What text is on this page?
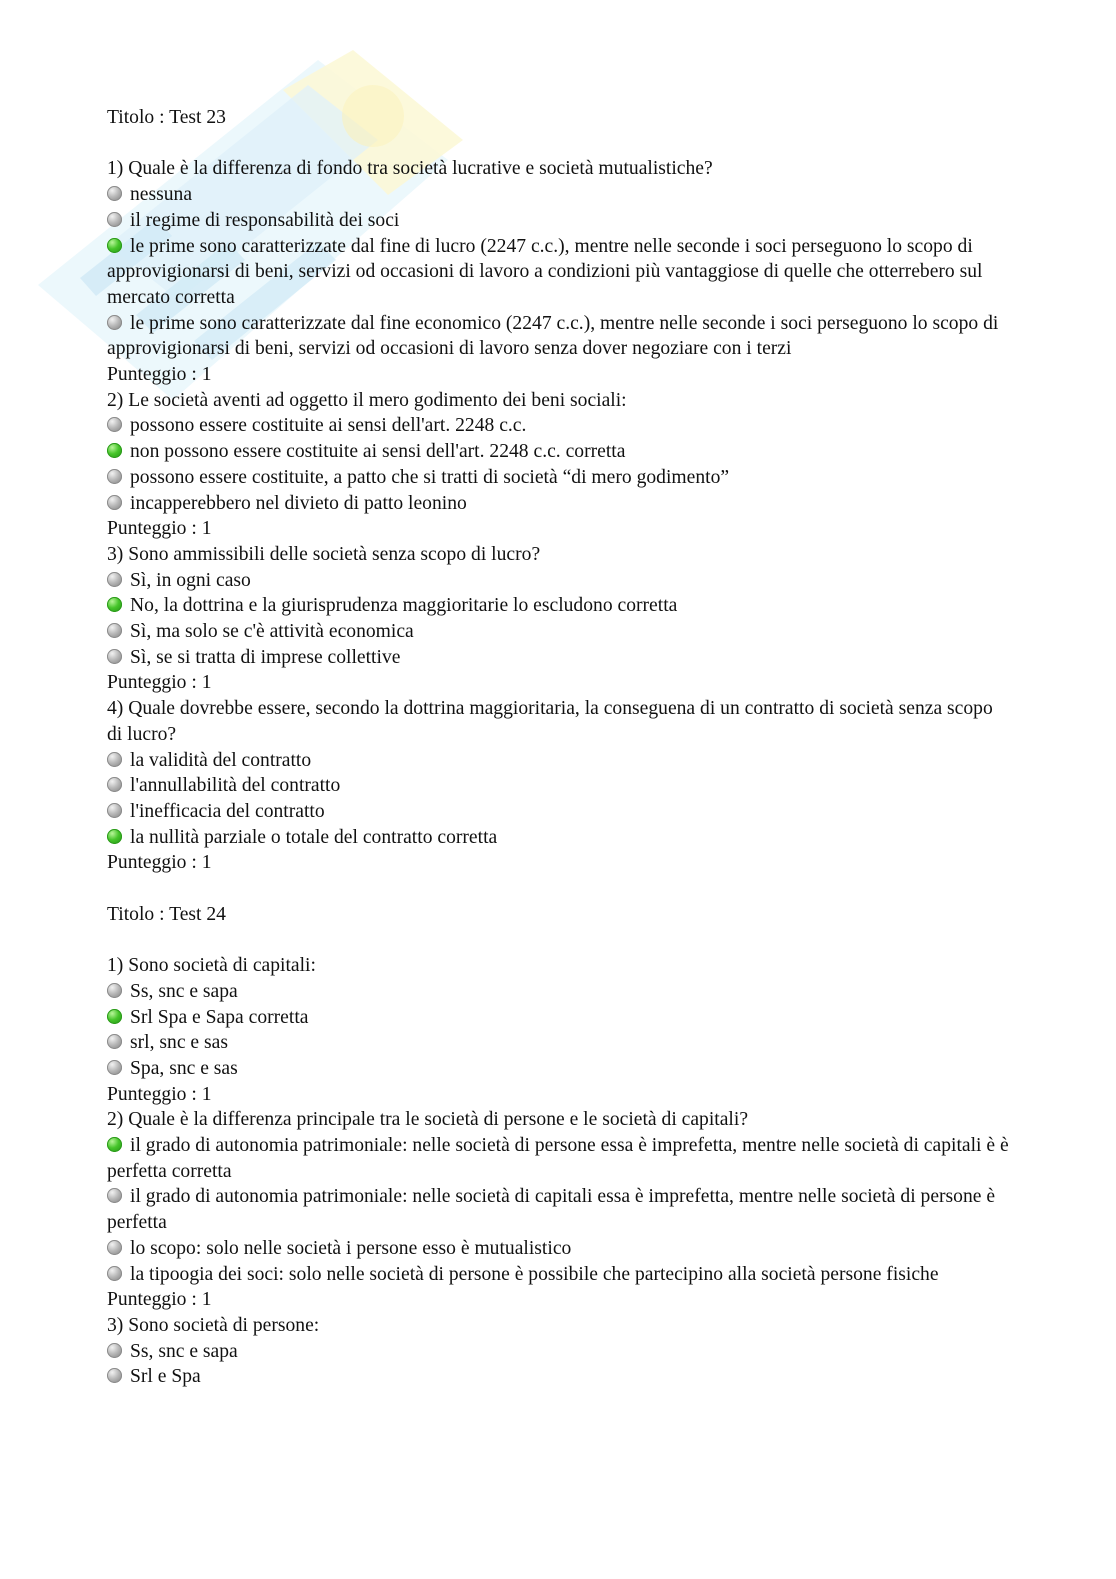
Titolo : Test 23
1) Quale è la differenza di fondo tra società lucrative e società mutualistiche?
nessuna
il regime di responsabilità dei soci
le prime sono caratterizzate dal fine di lucro (2247 c.c.), mentre nelle seconde i soci perseguono lo scopo di approvigionarsi di beni, servizi od occasioni di lavoro a condizioni più vantaggiose di quelle che otterrebero sul mercato corretta
le prime sono caratterizzate dal fine economico (2247 c.c.), mentre nelle seconde i soci perseguono lo scopo di approvigionarsi di beni, servizi od occasioni di lavoro senza dover negoziare con i terzi
Punteggio : 1
2) Le società aventi ad oggetto il mero godimento dei beni sociali:
possono essere costituite ai sensi dell'art. 2248 c.c.
non possono essere costituite ai sensi dell'art. 2248 c.c. corretta
possono essere costituite, a patto che si tratti di società “di mero godimento”
incapperebbero nel divieto di patto leonino
Punteggio : 1
3) Sono ammissibili delle società senza scopo di lucro?
Sì, in ogni caso
No, la dottrina e la giurisprudenza maggioritarie lo escludono corretta
Sì, ma solo se c'è attività economica
Sì, se si tratta di imprese collettive
Punteggio : 1
4) Quale dovrebbe essere, secondo la dottrina maggioritaria, la conseguena di un contratto di società senza scopo di lucro?
la validità del contratto
l'annullabilità del contratto
l'inefficacia del contratto
la nullità parziale o totale del contratto corretta
Punteggio : 1
Titolo : Test 24
1) Sono società di capitali:
Ss, snc e sapa
Srl Spa e Sapa corretta
srl, snc e sas
Spa, snc e sas
Punteggio : 1
2) Quale è la differenza principale tra le società di persone e le società di capitali?
il grado di autonomia patrimoniale: nelle società di persone essa è imprefetta, mentre nelle società di capitali è è perfetta corretta
il grado di autonomia patrimoniale: nelle società di capitali essa è imprefetta, mentre nelle società di persone è perfetta
lo scopo: solo nelle società i persone esso è mutualistico
la tipoogia dei soci: solo nelle società di persone è possibile che partecipino alla società persone fisiche
Punteggio : 1
3) Sono società di persone:
Ss, snc e sapa
Srl e Spa
